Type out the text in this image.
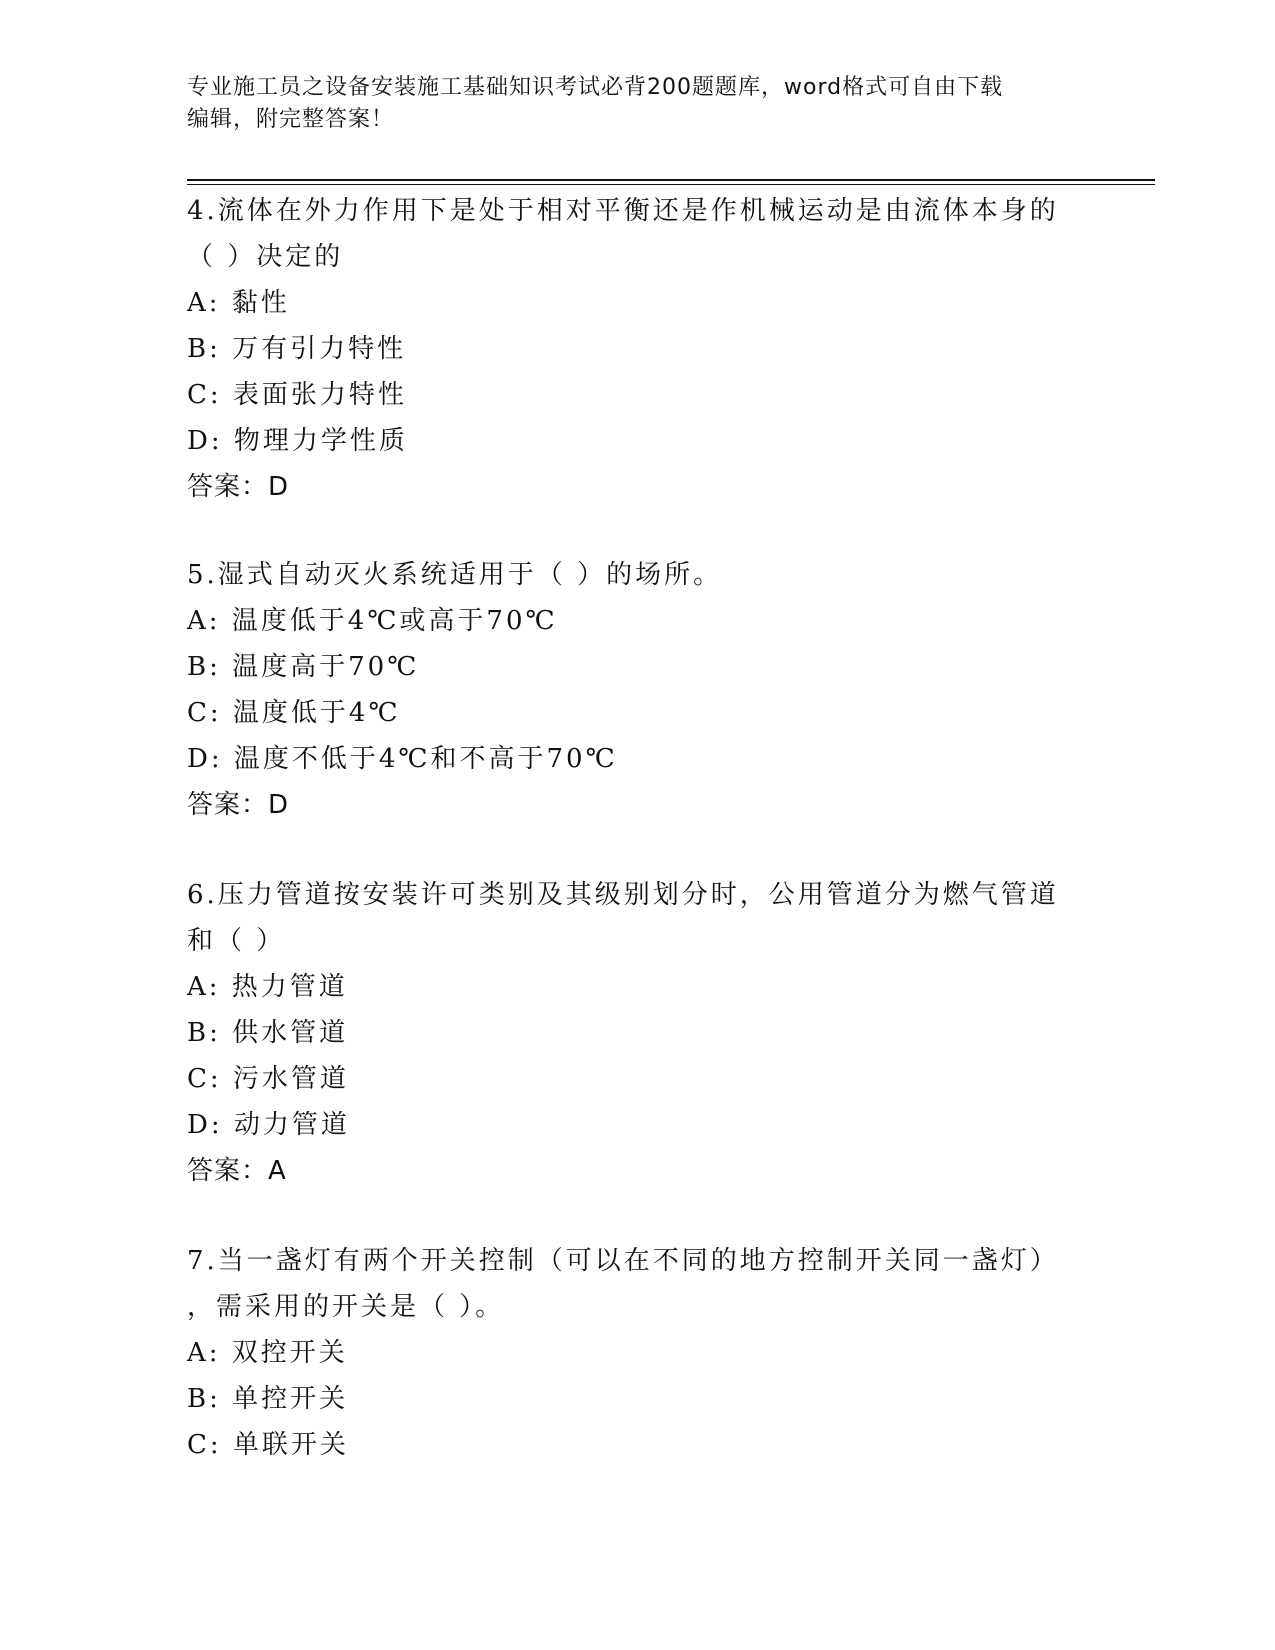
专业施工员之设备安装施工基础知识考试必背200题题库，word格式可自由下载
编辑，附完整答案！
4.流体在外力作用下是处于相对平衡还是作机械运动是由流体本身的
（ ）决定的
A: 黏性
B: 万有引力特性
C: 表面张力特性
D: 物理力学性质
答案：D
5.湿式自动灭火系统适用于（ ）的场所。
A: 温度低于4℃或高于70℃
B: 温度高于70℃
C: 温度低于4℃
D: 温度不低于4℃和不高于70℃
答案：D
6.压力管道按安装许可类别及其级别划分时，公用管道分为燃气管道
和（ ）
A: 热力管道
B: 供水管道
C: 污水管道
D: 动力管道
答案：A
7.当一盏灯有两个开关控制（可以在不同的地方控制开关同一盏灯）
，需采用的开关是（ ）。
A: 双控开关
B: 单控开关
C: 单联开关
